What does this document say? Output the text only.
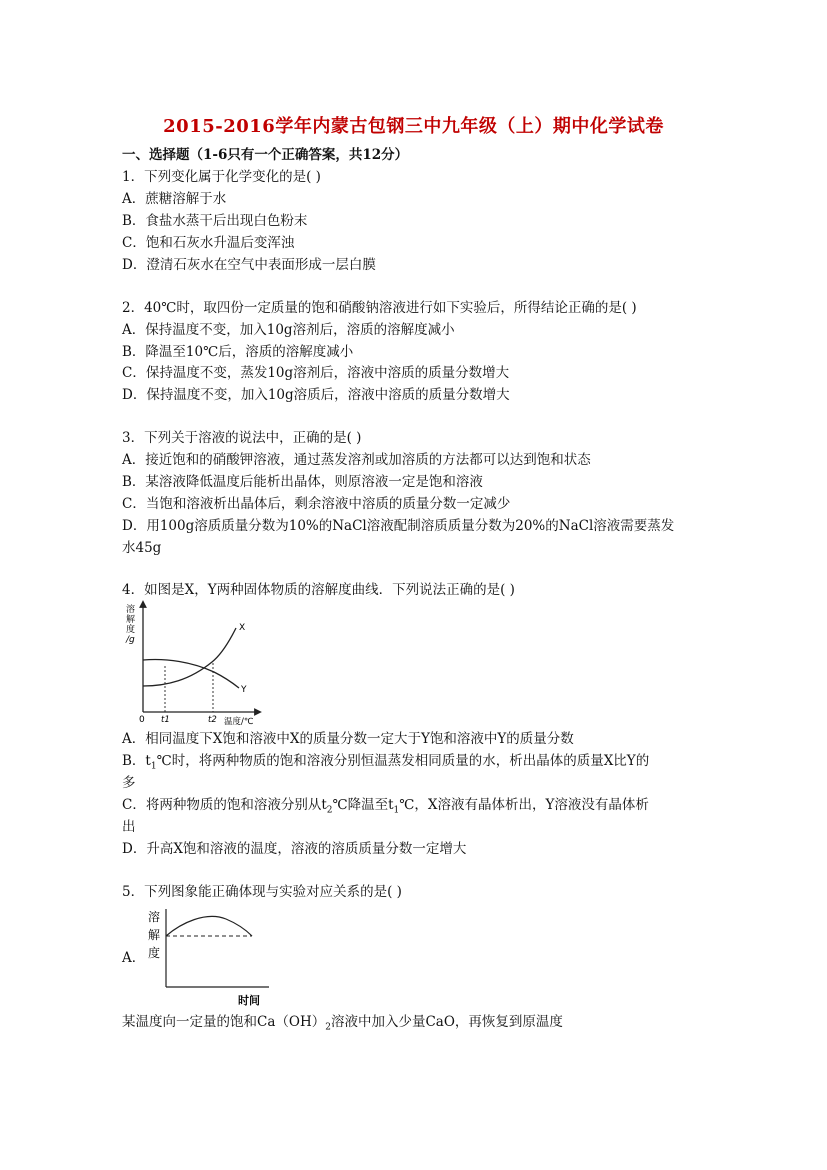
2015-2016学年内蒙古包钢三中九年级（上）期中化学试卷
一、选择题（1-6只有一个正确答案，共12分）
1．下列变化属于化学变化的是( )
A．蔗糖溶解于水
B．食盐水蒸干后出现白色粉末
C．饱和石灰水升温后变浑浊
D．澄清石灰水在空气中表面形成一层白膜
2．40℃时，取四份一定质量的饱和硝酸钠溶液进行如下实验后，所得结论正确的是( )
A．保持温度不变，加入10g溶剂后，溶质的溶解度减小
B．降温至10℃后，溶质的溶解度减小
C．保持温度不变，蒸发10g溶剂后，溶液中溶质的质量分数增大
D．保持温度不变，加入10g溶质后，溶液中溶质的质量分数增大
3．下列关于溶液的说法中，正确的是( )
A．接近饱和的硝酸钾溶液，通过蒸发溶剂或加溶质的方法都可以达到饱和状态
B．某溶液降低温度后能析出晶体，则原溶液一定是饱和溶液
C．当饱和溶液析出晶体后，剩余溶液中溶质的质量分数一定减少
D．用100g溶质质量分数为10%的NaCl溶液配制溶质质量分数为20%的NaCl溶液需要蒸发
水45g
4．如图是X，Y两种固体物质的溶解度曲线．下列说法正确的是( )
溶
解
度
/g
X
Y
0 t1	t2 温度/℃
A．相同温度下X饱和溶液中X的质量分数一定大于Y饱和溶液中Y的质量分数
B．$t_1℃$时，将两种物质的饱和溶液分别恒温蒸发相同质量的水，析出晶体的质量X比Y的
多
C．将两种物质的饱和溶液分别从$t_2℃$降温至$t_1℃$，X溶液有晶体析出，Y溶液没有晶体析
出
D．升高X饱和溶液的温度，溶液的溶质质量分数一定增大
5．下列图象能正确体现与实验对应关系的是( )
A．
溶
解
度
时间
某温度向一定量的饱和$Ca(OH)_2$溶液中加入少量CaO，再恢复到原温度
